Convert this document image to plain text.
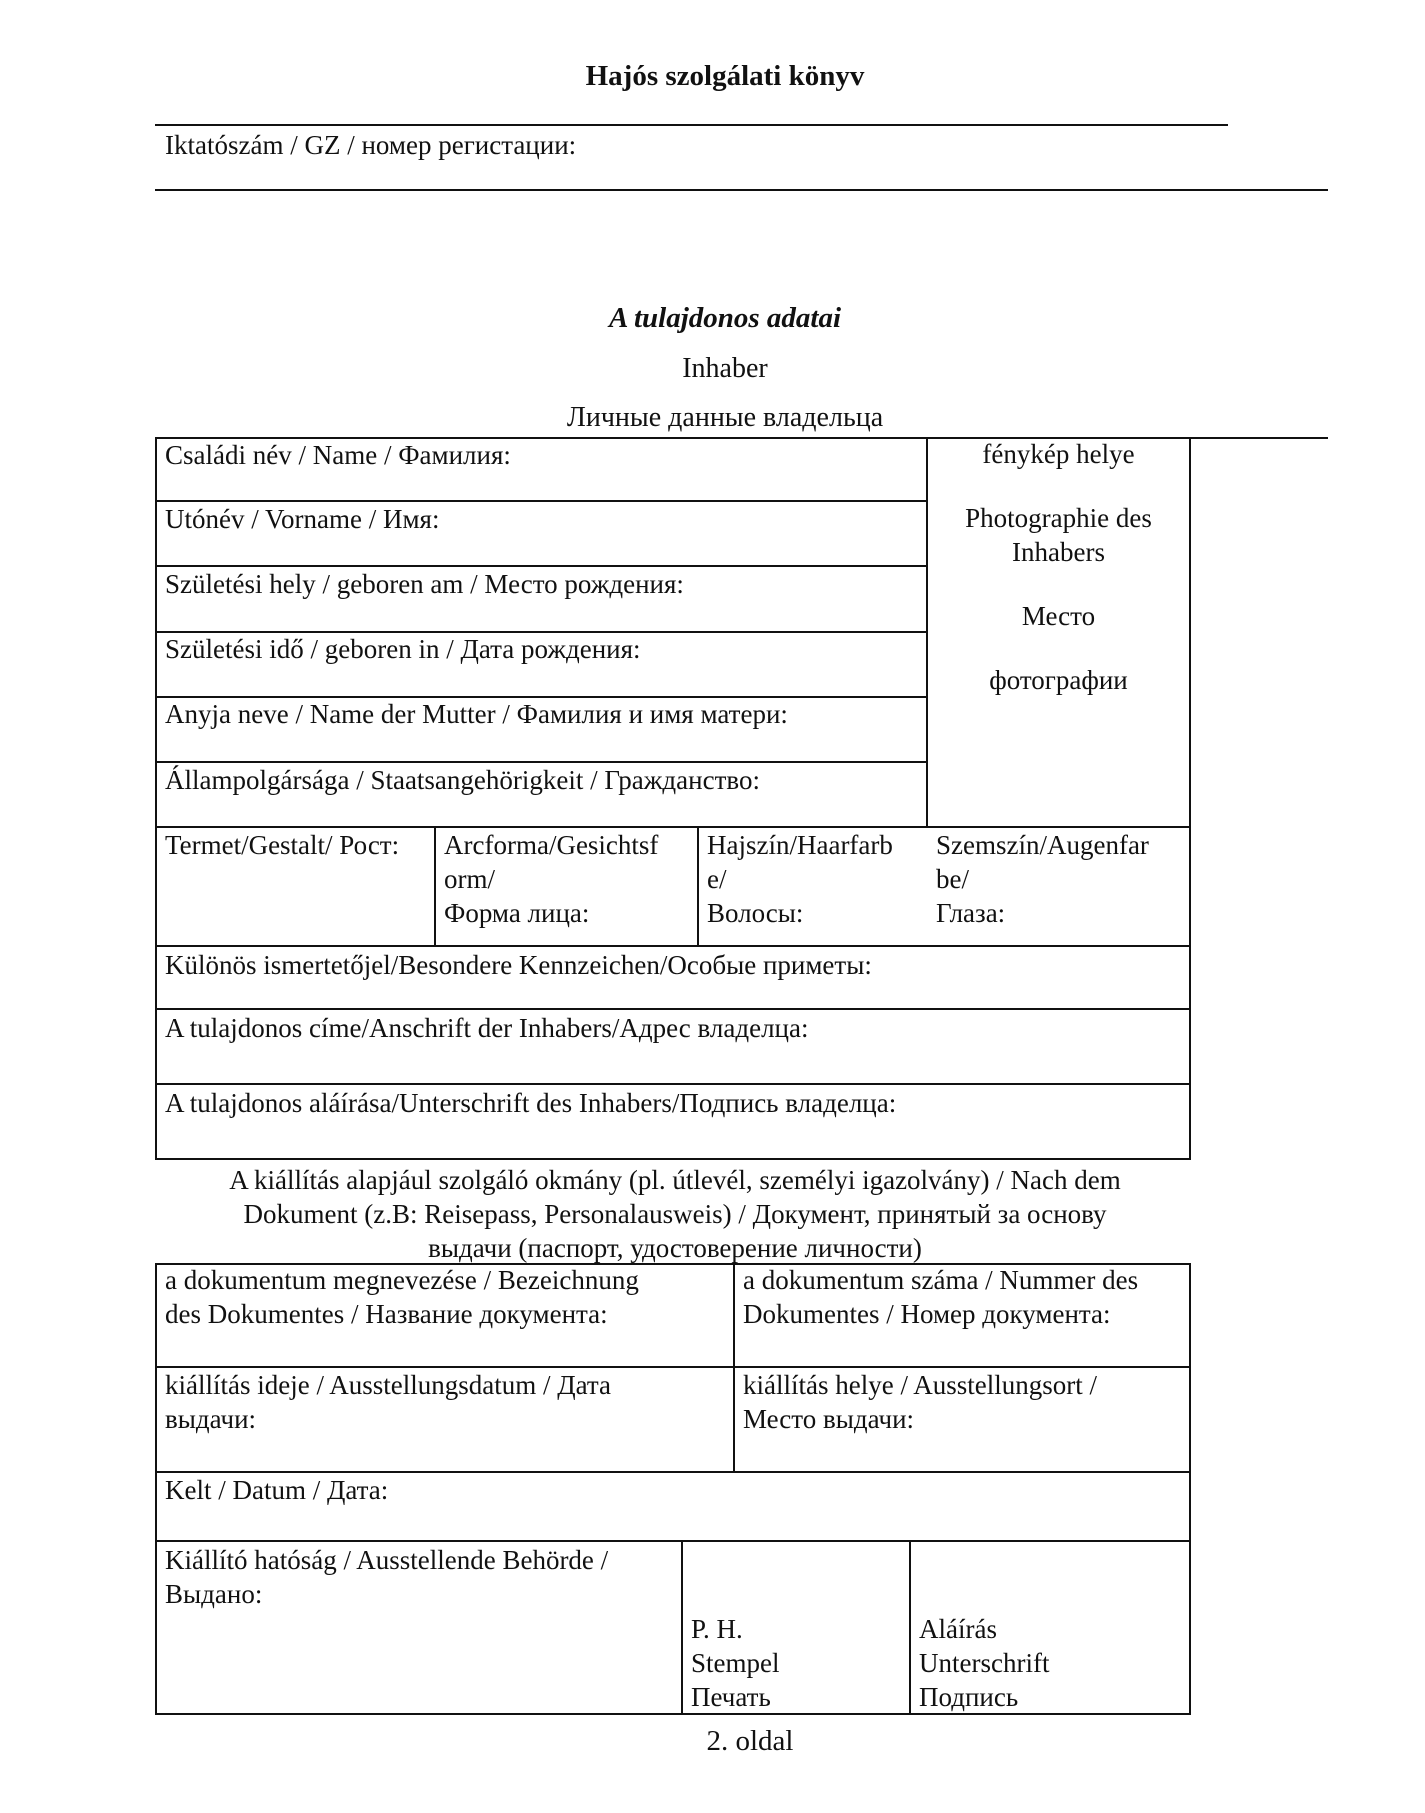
Hajós szolgálati könyv
Iktatószám / GZ / номер регистации:
A tulajdonos adatai
Inhaber
Личные данные владельца
Családi név / Name / Фамилия:
Utónév / Vorname / Имя:
Születési hely / geboren am / Место рождения:
Születési idő / geboren in / Дата рождения:
Anyja neve / Name der Mutter / Фамилия и имя матери:
Állampolgársága / Staatsangehörigkeit / Гражданство:
fénykép helye
Photographie des
Inhabers
Место
фотографии
Termet/Gestalt/ Рост: Arcforma/Gesichtsf
orm/
Форма лица:
Hajszín/Haarfarb
e/
Волосы:
Szemszín/Augenfar
be/
Глаза:
Különös ismertetőjel/Besondere Kennzeichen/Особые приметы:
A tulajdonos címe/Anschrift der Inhabers/Адрес владелца:
A tulajdonos aláírása/Unterschrift des Inhabers/Подпись владелца:
A kiállítás alapjául szolgáló okmány (pl. útlevél, személyi igazolvány) / Nach dem
Dokument (z.B: Reisepass, Personalausweis) / Документ, принятый за основу
выдачи (паспорт, удостоверение личности)
a dokumentum megnevezése / Bezeichnung
des Dokumentes / Название документа:
a dokumentum száma / Nummer des
Dokumentes / Номер документа:
kiállítás ideje / Ausstellungsdatum / Дата
выдачи:
kiállítás helye / Ausstellungsort /
Место выдачи:
Kelt / Datum / Дата:
Kiállító hatóság / Ausstellende Behörde /
Выдано:
P. H.
Stempel
Печать
Aláírás
Unterschrift
Подпись
2. oldal
